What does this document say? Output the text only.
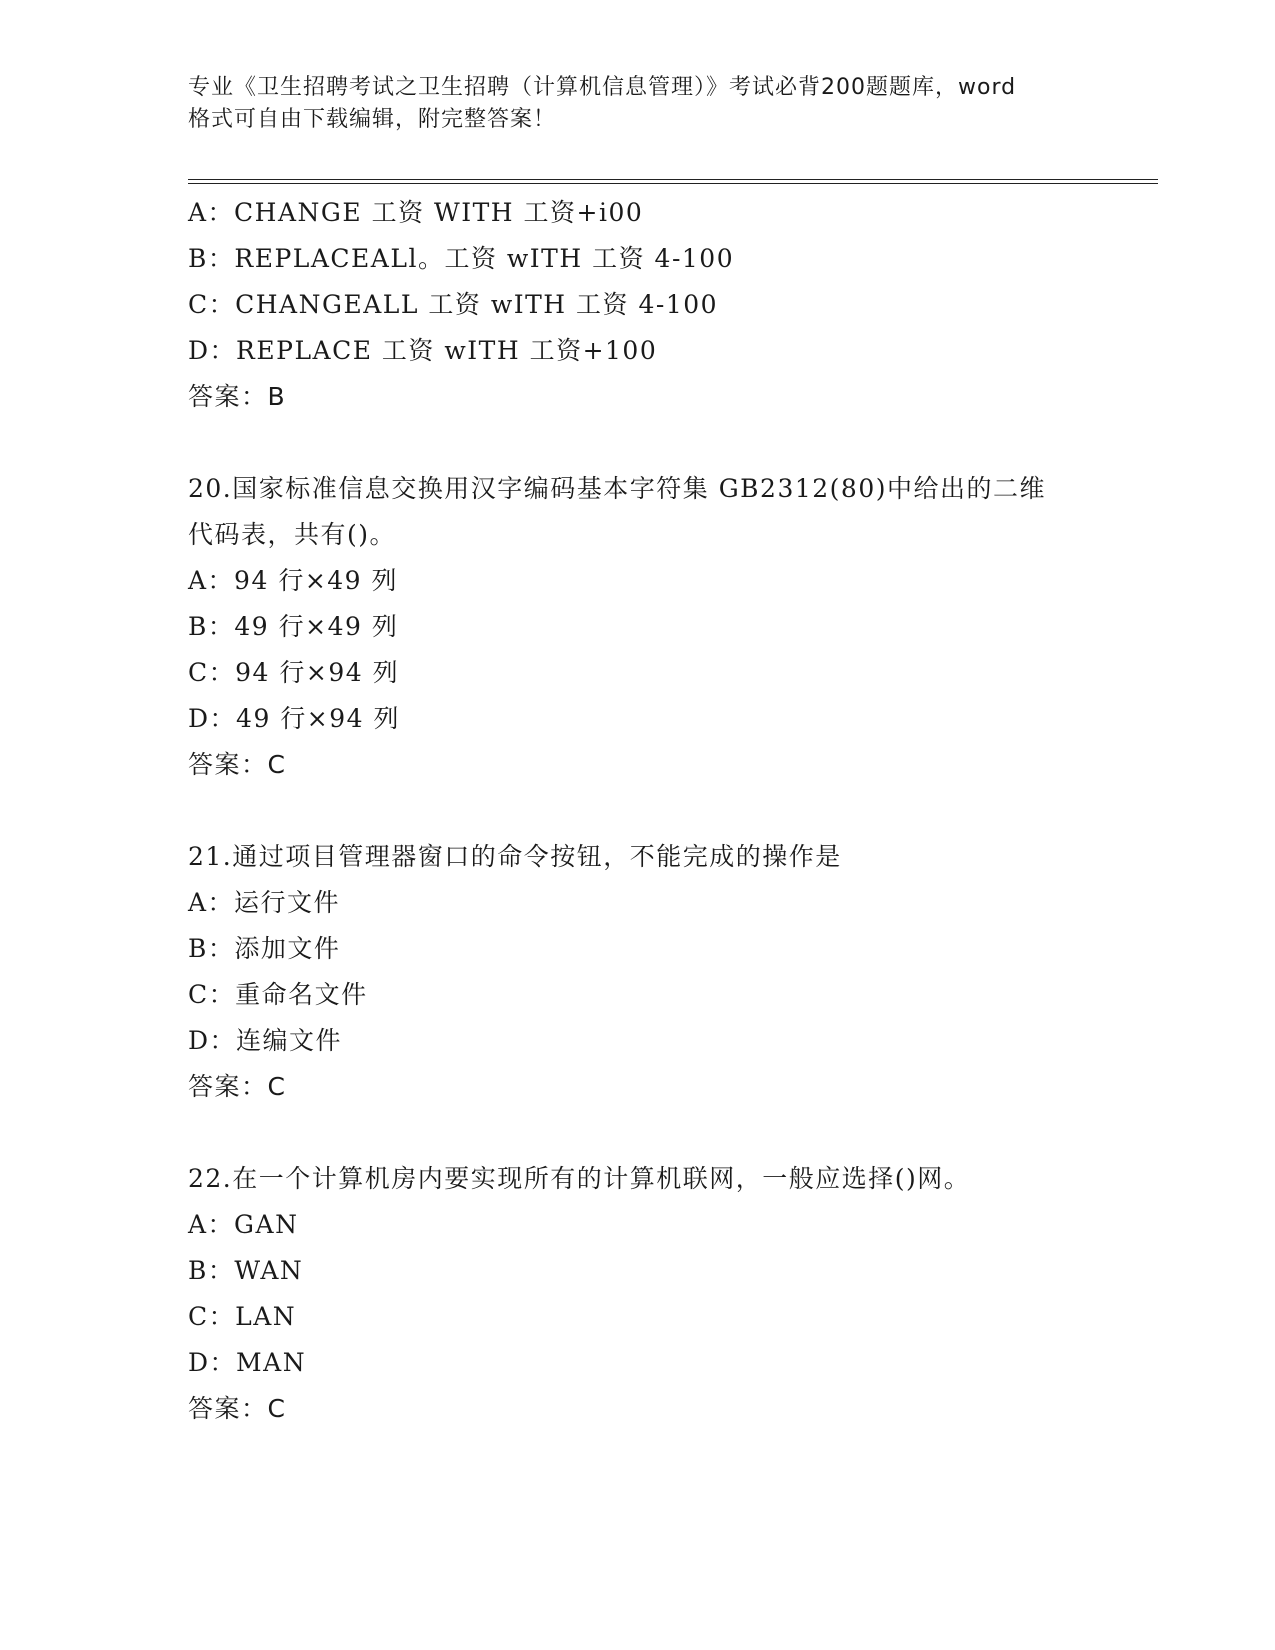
专业《卫生招聘考试之卫生招聘（计算机信息管理）》考试必背200题题库，word
格式可自由下载编辑，附完整答案！
A：CHANGE 工资 WITH 工资+i00
B：REPLACEALl。工资 wITH 工资 4-100
C：CHANGEALL 工资 wITH 工资 4-100
D：REPLACE 工资 wITH 工资+100
答案：B
20.国家标准信息交换用汉字编码基本字符集 GB2312(80)中给出的二维
代码表，共有()。
A：94 行×49 列
B：49 行×49 列
C：94 行×94 列
D：49 行×94 列
答案：C
21.通过项目管理器窗口的命令按钮，不能完成的操作是
A：运行文件
B：添加文件
C：重命名文件
D：连编文件
答案：C
22.在一个计算机房内要实现所有的计算机联网，一般应选择()网。
A：GAN
B：WAN
C：LAN
D：MAN
答案：C
